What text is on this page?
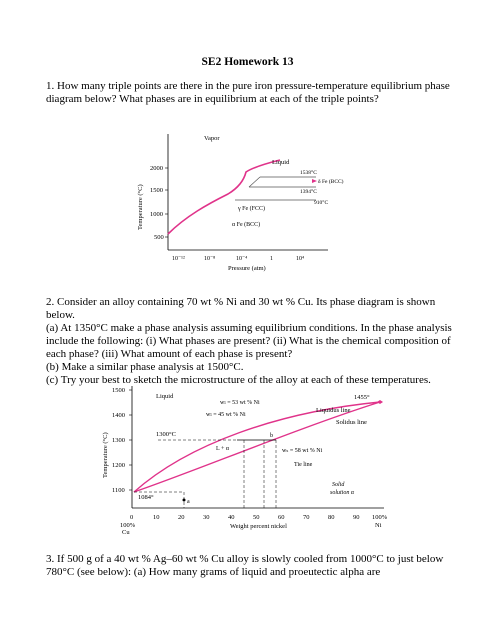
SE2 Homework 13

1. How many triple points are there in the pure iron pressure-temperature equilibrium phase diagram below? What phases are in equilibrium at each of the triple points?

2000
1500
1000
500
Temperature (°C)
10⁻¹²	10⁻⁸	10⁻⁴	1	10⁴
Pressure (atm)
Vapor
Liquid
1538°C
δ Fe (BCC)
1394°C
910°C
γ Fe (FCC)
α Fe (BCC)

2. Consider an alloy containing 70 wt % Ni and 30 wt % Cu. Its phase diagram is shown below.

(a) At 1350°C make a phase analysis assuming equilibrium conditions. In the phase analysis include the following: (i) What phases are present? (ii) What is the chemical composition of each phase? (iii) What amount of each phase is present?

(b) Make a similar phase analysis at 1500°C.

(c) Try your best to sketch the microstructure of the alloy at each of these temperatures.

1500
1400
1300
1200
1100
Temperature (°C)
0	10	20	30	40	50	60	70	80	90 100%
100%	Ni
Weight percent nickel
Cu
Liquid
Liquidus line
Solidus line
1455°
1300°C
1084°
wₗ = 53 wt % Ni
wₗ = 45 wt % Ni
wₛ = 58 wt % Ni
Tie line
L + α
b
a
Solid
solution α

3. If 500 g of a 40 wt % Ag–60 wt % Cu alloy is slowly cooled from 1000°C to just below 780°C (see below): (a) How many grams of liquid and proeutectic alpha are
